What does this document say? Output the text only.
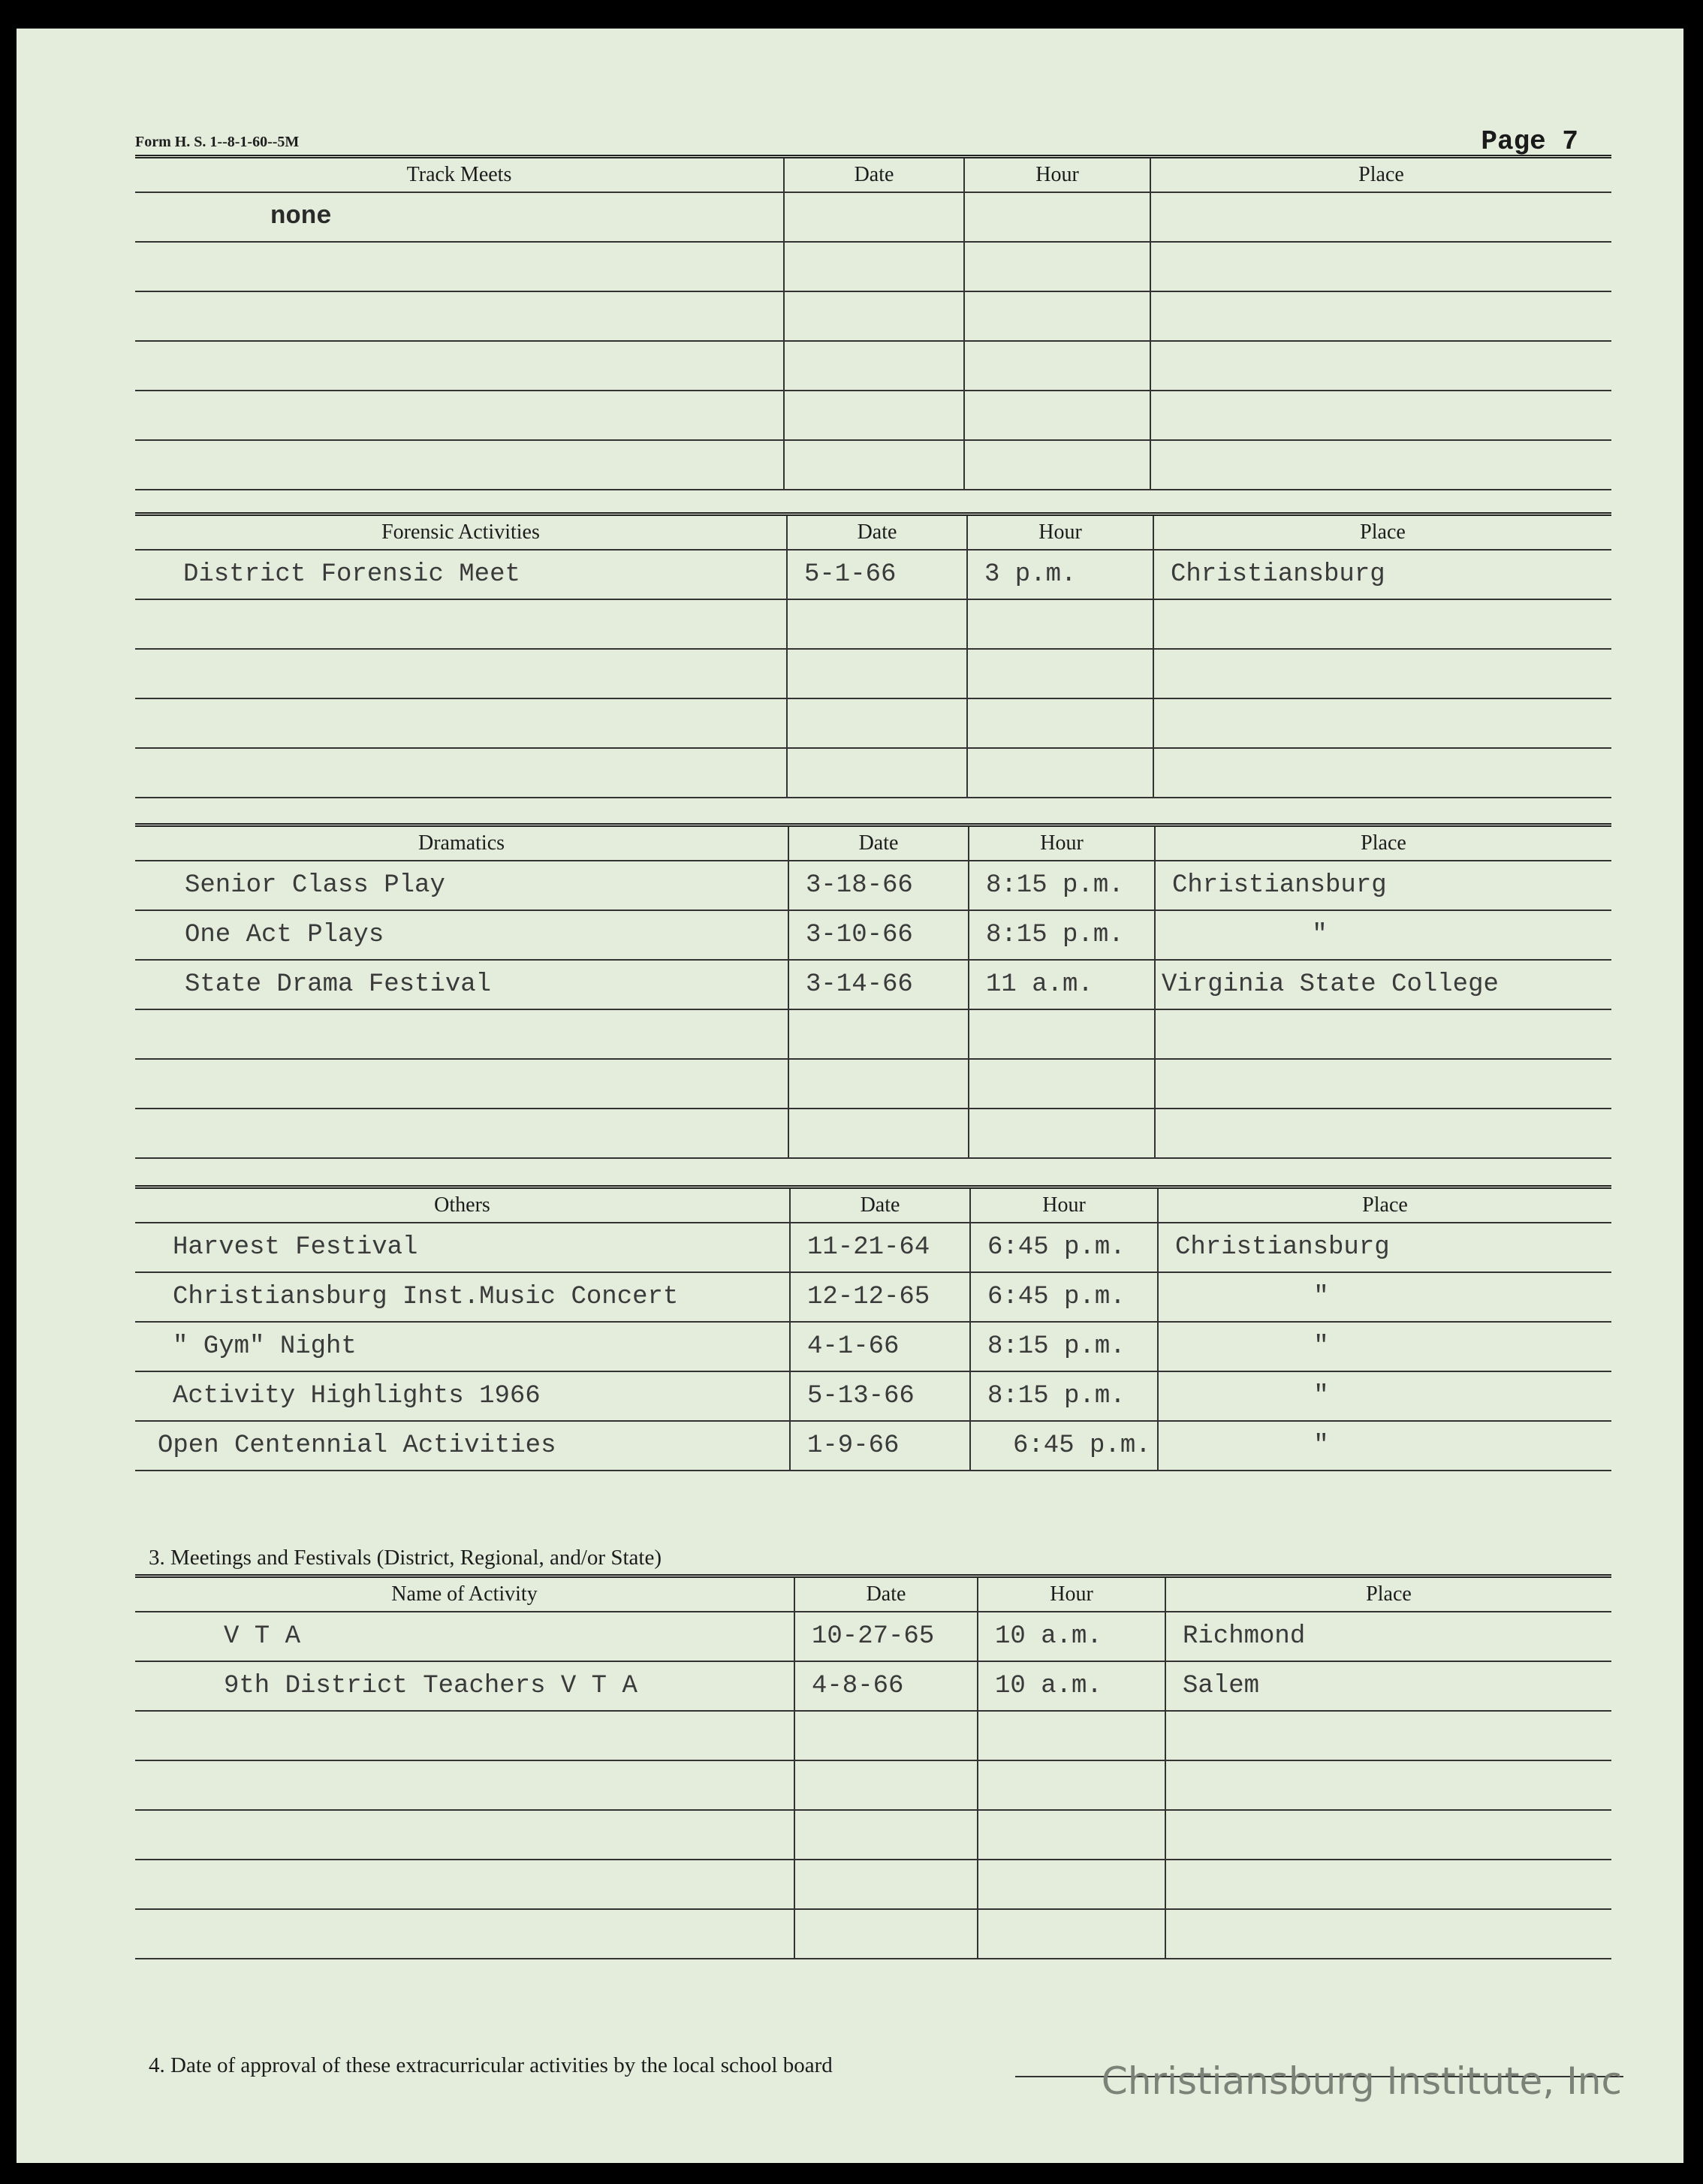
Form H. S. 1--8-1-60--5M	Page 7
Track Meets	Date	Hour	Place
none			

Forensic Activities	Date	Hour	Place
District Forensic Meet	5-1-66	3 p.m.	Christiansburg

Dramatics	Date	Hour	Place
Senior Class Play	3-18-66	8:15 p.m.	Christiansburg
One Act Plays	3-10-66	8:15 p.m.	"
State Drama Festival	3-14-66	11 a.m.	Virginia State College

Others	Date	Hour	Place
Harvest Festival	11-21-64	6:45 p.m.	Christiansburg
Christiansburg Inst.Music Concert	12-12-65	6:45 p.m.	"
" Gym" Night	4-1-66	8:15 p.m.	"
Activity Highlights 1966	5-13-66	8:15 p.m.	"
Open Centennial Activities	1-9-66	6:45 p.m.	"
3. Meetings and Festivals (District, Regional, and/or State)
Name of Activity	Date	Hour	Place
V T A	10-27-65	10 a.m.	Richmond
9th District Teachers V T A	4-8-66	10 a.m.	Salem

4. Date of approval of these extracurricular activities by the local school board	Christiansburg Institute, Inc
